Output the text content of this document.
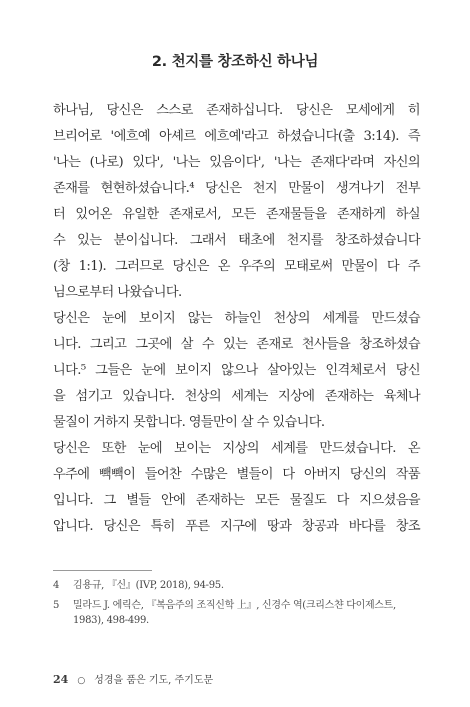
2. 천지를 창조하신 하나님
하나님, 당신은 스스로 존재하십니다. 당신은 모세에게 히
브리어로 '에흐예 아셰르 에흐예'라고 하셨습니다(출 3:14). 즉
'나는 (나로) 있다', '나는 있음이다', '나는 존재다'라며 자신의
존재를 현현하셨습니다.⁴ 당신은 천지 만물이 생겨나기 전부
터 있어온 유일한 존재로서, 모든 존재물들을 존재하게 하실
수 있는 분이십니다. 그래서 태초에 천지를 창조하셨습니다
(창 1:1). 그러므로 당신은 온 우주의 모태로써 만물이 다 주
님으로부터 나왔습니다.
당신은 눈에 보이지 않는 하늘인 천상의 세계를 만드셨습
니다. 그리고 그곳에 살 수 있는 존재로 천사들을 창조하셨습
니다.⁵ 그들은 눈에 보이지 않으나 살아있는 인격체로서 당신
을 섬기고 있습니다. 천상의 세계는 지상에 존재하는 육체나
물질이 거하지 못합니다. 영들만이 살 수 있습니다.
당신은 또한 눈에 보이는 지상의 세계를 만드셨습니다. 온
우주에 빽빽이 들어찬 수많은 별들이 다 아버지 당신의 작품
입니다. 그 별들 안에 존재하는 모든 물질도 다 지으셨음을
압니다. 당신은 특히 푸른 지구에 땅과 창공과 바다를 창조
4 김용규, 『신』(IVP, 2018), 94-95.
5 밀라드 J. 에릭슨, 『복음주의 조직신학 上』, 신경수 역(크리스챤 다이제스트,
1983), 498-499.
24 ○ 성경을 품은 기도, 주기도문
